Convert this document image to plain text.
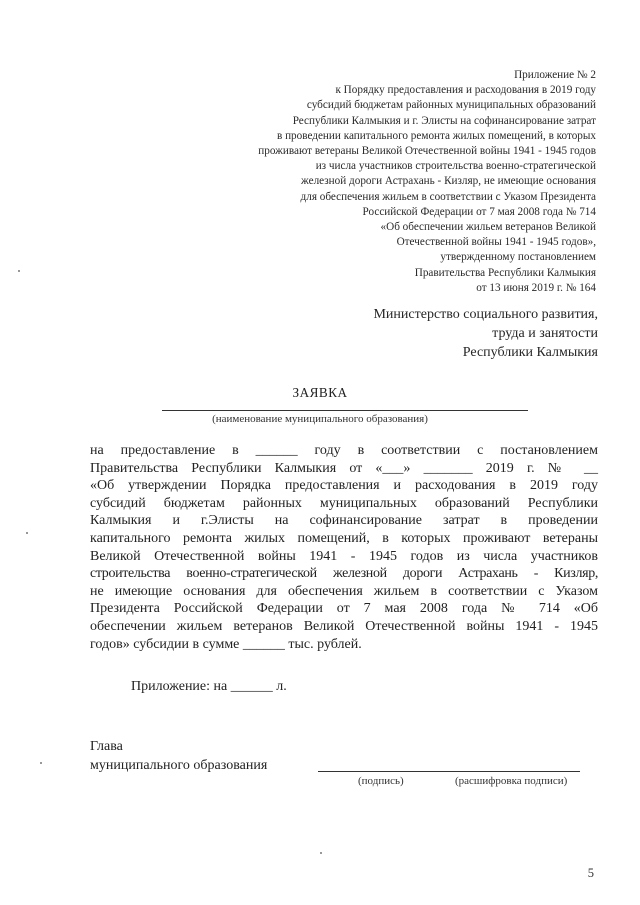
Приложение № 2
к Порядку предоставления и расходования в 2019 году
субсидий бюджетам районных муниципальных образований
Республики Калмыкия и г. Элисты на софинансирование затрат
в проведении капитального ремонта жилых помещений, в которых
проживают ветераны Великой Отечественной войны 1941 - 1945 годов
из числа участников строительства военно-стратегической
железной дороги Астрахань - Кизляр, не имеющие основания
для обеспечения жильем в соответствии с Указом Президента
Российской Федерации от 7 мая 2008 года № 714
«Об обеспечении жильем ветеранов Великой
Отечественной войны 1941 - 1945 годов»,
утвержденному постановлением
Правительства Республики Калмыкия
от 13 июня 2019 г. № 164
Министерство социального развития,
труда и занятости
Республики Калмыкия
ЗАЯВКА
(наименование муниципального образования)
на предоставление в ______ году в соответствии с постановлением
Правительства Республики Калмыкия от «___» _______ 2019 г. № __
«Об утверждении Порядка предоставления и расходования в 2019 году
субсидий бюджетам районных муниципальных образований Республики
Калмыкия и г.Элисты на софинансирование затрат в проведении
капитального ремонта жилых помещений, в которых проживают ветераны
Великой Отечественной войны 1941 - 1945 годов из числа участников
строительства военно-стратегической железной дороги Астрахань - Кизляр,
не имеющие основания для обеспечения жильем в соответствии с Указом
Президента Российской Федерации от 7 мая 2008 года № 714 «Об
обеспечении жильем ветеранов Великой Отечественной войны 1941 - 1945
годов» субсидии в сумме ______ тыс. рублей.
Приложение: на ______ л.
Глава
муниципального образования
(подпись)	(расшифровка подписи)
5
